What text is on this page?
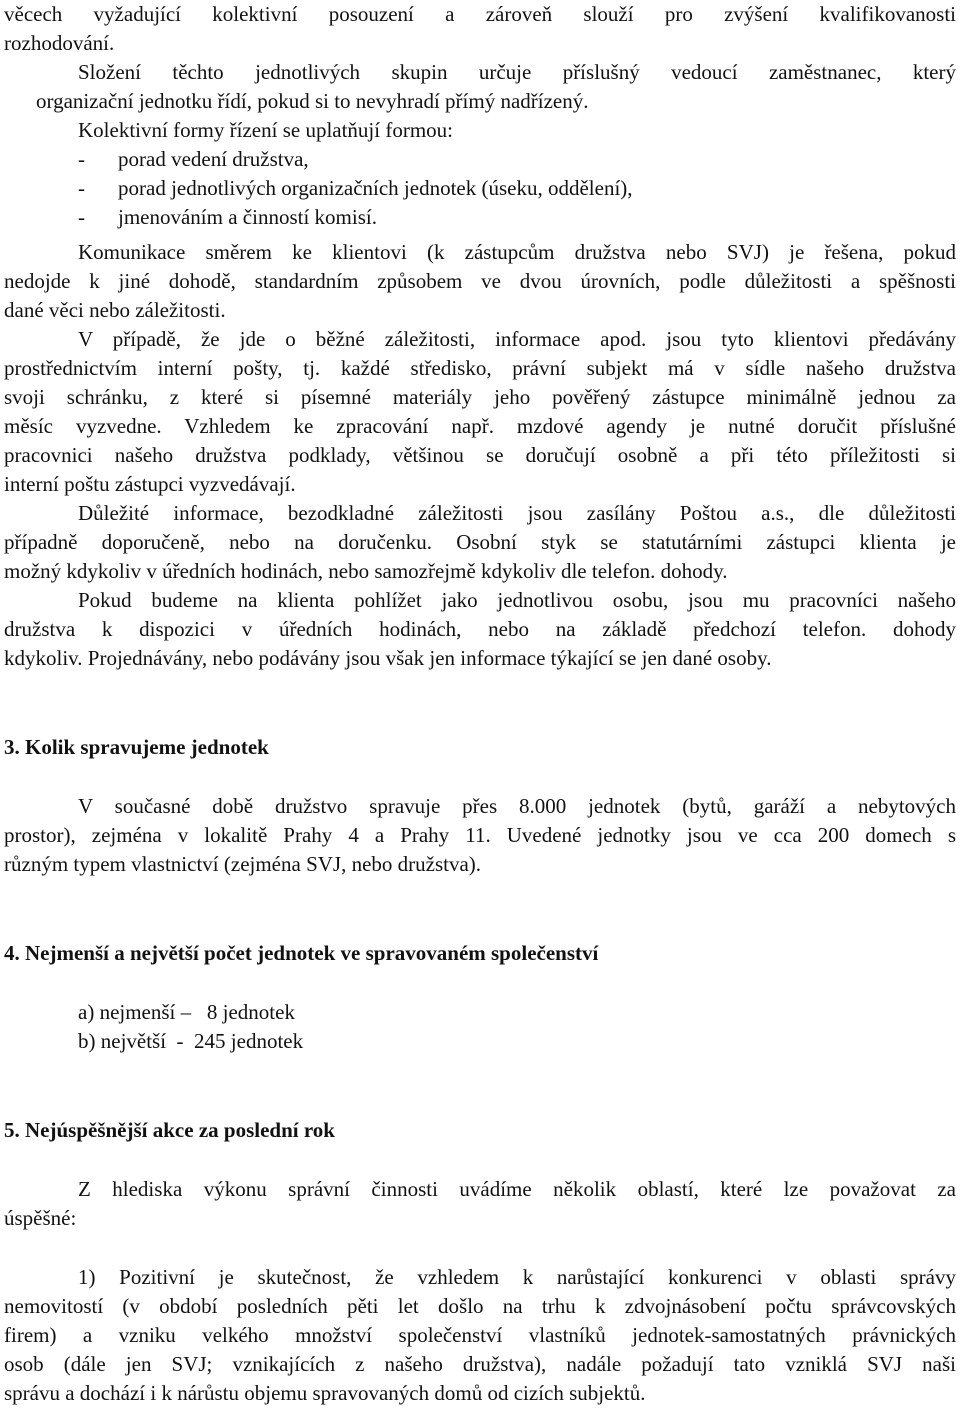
věcech vyžadující kolektivní posouzení a zároveň slouží pro zvýšení kvalifikovanosti
rozhodování.
Složení těchto jednotlivých skupin určuje příslušný vedoucí zaměstnanec, který
organizační jednotku řídí, pokud si to nevyhradí přímý nadřízený.
Kolektivní formy řízení se uplatňují formou:
- porad vedení družstva,
- porad jednotlivých organizačních jednotek (úseku, oddělení),
- jmenováním a činností komisí.
Komunikace směrem ke klientovi (k zástupcům družstva nebo SVJ) je řešena, pokud
nedojde k jiné dohodě, standardním způsobem ve dvou úrovních, podle důležitosti a spěšnosti
dané věci nebo záležitosti.
V případě, že jde o běžné záležitosti, informace apod. jsou tyto klientovi předávány
prostřednictvím interní pošty, tj. každé středisko, právní subjekt má v sídle našeho družstva
svoji schránku, z které si písemné materiály jeho pověřený zástupce minimálně jednou za
měsíc vyzvedne. Vzhledem ke zpracování např. mzdové agendy je nutné doručit příslušné
pracovnici našeho družstva podklady, většinou se doručují osobně a při této příležitosti si
interní poštu zástupci vyzvedávají.
Důležité informace, bezodkladné záležitosti jsou zasílány Poštou a.s., dle důležitosti
případně doporučeně, nebo na doručenku. Osobní styk se statutárními zástupci klienta je
možný kdykoliv v úředních hodinách, nebo samozřejmě kdykoliv dle telefon. dohody.
Pokud budeme na klienta pohlížet jako jednotlivou osobu, jsou mu pracovníci našeho
družstva k dispozici v úředních hodinách, nebo na základě předchozí telefon. dohody
kdykoliv. Projednávány, nebo podávány jsou však jen informace týkající se jen dané osoby.
3. Kolik spravujeme jednotek
V současné době družstvo spravuje přes 8.000 jednotek (bytů, garáží a nebytových
prostor), zejména v lokalitě Prahy 4 a Prahy 11. Uvedené jednotky jsou ve cca 200 domech s
různým typem vlastnictví (zejména SVJ, nebo družstva).
4. Nejmenší a největší počet jednotek ve spravovaném společenství
a) nejmenší –   8 jednotek
b) největší  -  245 jednotek
5. Nejúspěšnější akce za poslední rok
Z hlediska výkonu správní činnosti uvádíme několik oblastí, které lze považovat za
úspěšné:
1) Pozitivní je skutečnost, že vzhledem k narůstající konkurenci v oblasti správy
nemovitostí (v období posledních pěti let došlo na trhu k zdvojnásobení počtu správcovských
firem) a vzniku velkého množství společenství vlastníků jednotek-samostatných právnických
osob (dále jen SVJ; vznikajících z našeho družstva), nadále požadují tato vzniklá SVJ naši
správu a dochází i k nárůstu objemu spravovaných domů od cizích subjektů.
